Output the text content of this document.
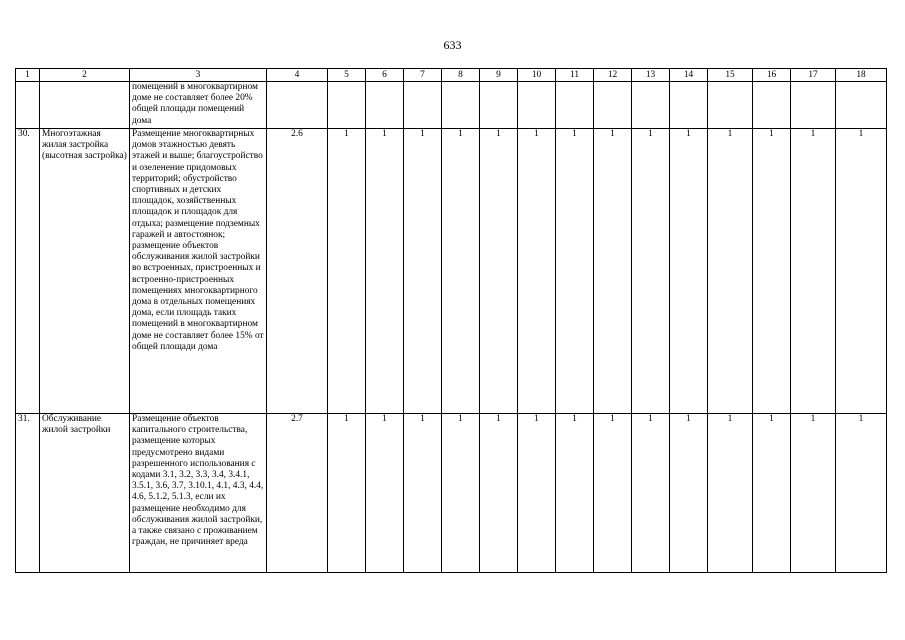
633
1	2	3	4	5	6	7	8	9	10	11	12	13	14	15	16	17	18
		помещений в многоквартирном доме не составляет более 20% общей площади помещений дома															
30.	Многоэтажная жилая застройка (высотная застройка)	Размещение многоквартирных домов этажностью девять этажей и выше; благоустройство и озеленение придомовых территорий; обустройство спортивных и детских площадок, хозяйственных площадок и площадок для отдыха; размещение подземных гаражей и автостоянок; размещение объектов обслуживания жилой застройки во встроенных, пристроенных и встроенно-пристроенных помещениях многоквартирного дома в отдельных помещениях дома, если площадь таких помещений в многоквартирном доме не составляет более 15% от общей площади дома	2.6	1	1	1	1	1	1	1	1	1	1	1	1	1	1
31.	Обслуживание жилой застройки	Размещение объектов капитального строительства, размещение которых предусмотрено видами разрешенного использования с кодами 3.1, 3.2, 3.3, 3.4, 3.4.1, 3.5.1, 3.6, 3.7, 3.10.1, 4.1, 4.3, 4.4, 4.6, 5.1.2, 5.1.3, если их размещение необходимо для обслуживания жилой застройки, а также связано с проживанием граждан, не причиняет вреда	2.7	1	1	1	1	1	1	1	1	1	1	1	1	1	1
